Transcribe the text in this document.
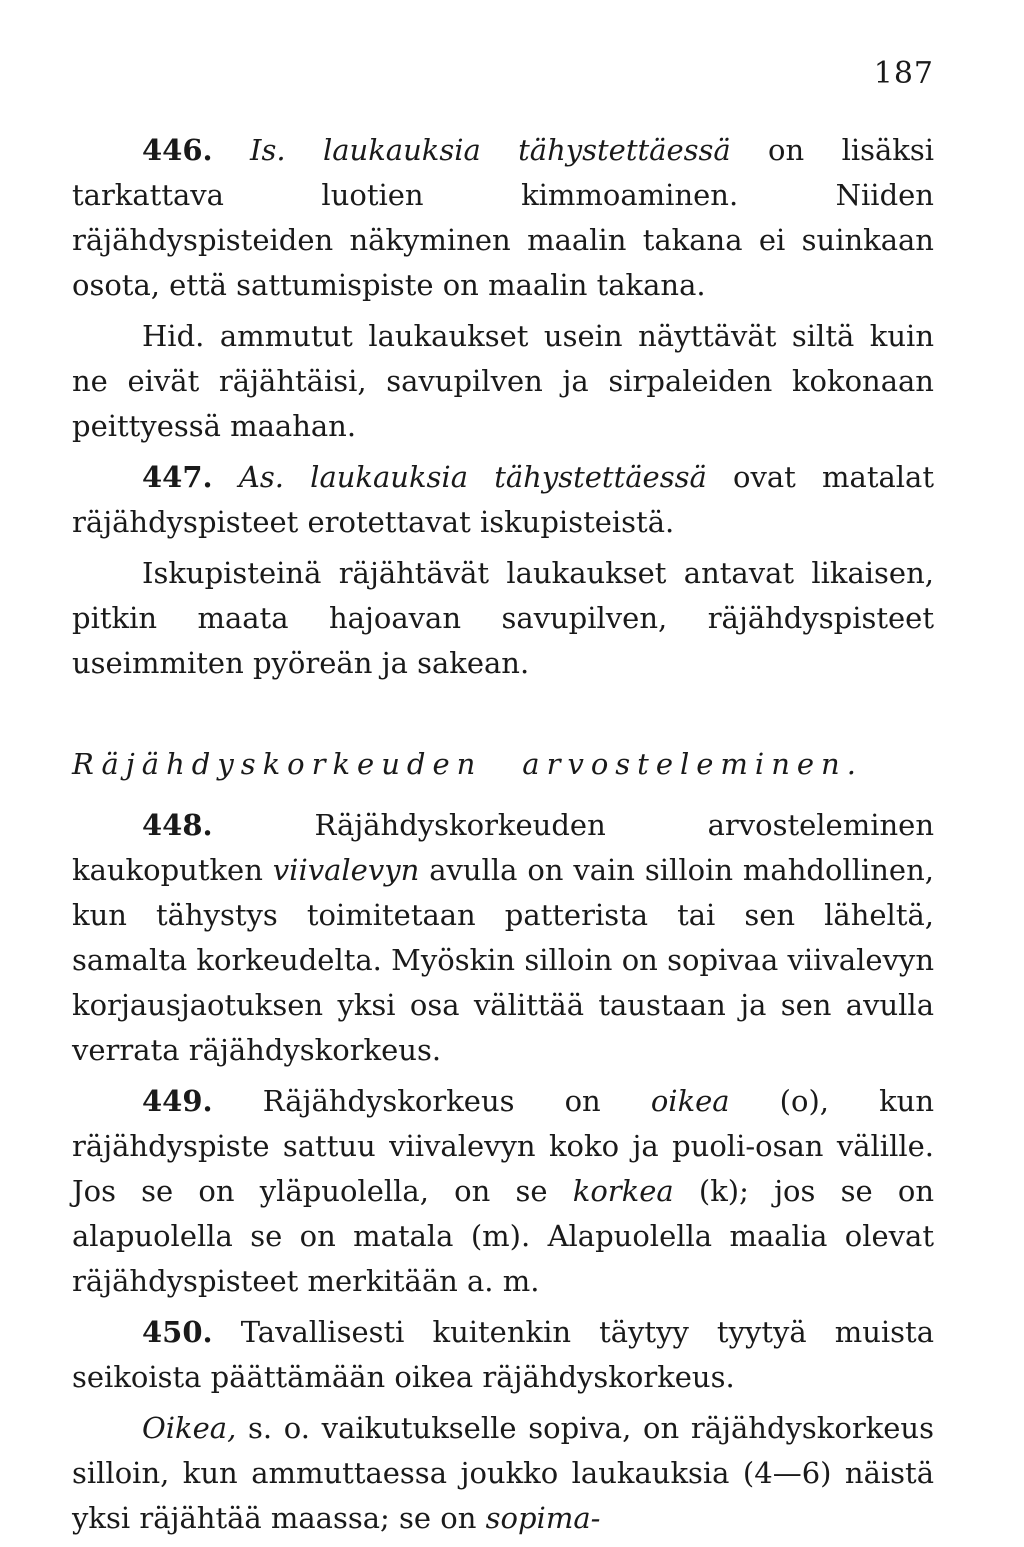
187

446. Is. laukauksia tähystettäessä on lisäksi tarkattava luotien kimmoaminen. Niiden räjähdyspisteiden näkyminen maalin takana ei suinkaan osota, että sattumispiste on maalin takana.

Hid. ammutut laukaukset usein näyttävät siltä kuin ne eivät räjähtäisi, savupilven ja sirpaleiden kokonaan peittyessä maahan.

447. As. laukauksia tähystettäessä ovat matalat räjähdyspisteet erotettavat iskupisteistä.

Iskupisteinä räjähtävät laukaukset antavat likaisen, pitkin maata hajoavan savupilven, räjähdyspisteet useimmiten pyöreän ja sakean.

Räjähdyskorkeuden arvosteleminen.

448. Räjähdyskorkeuden arvosteleminen kaukoputken viivalevyn avulla on vain silloin mahdollinen, kun tähystys toimitetaan patterista tai sen läheltä, samalta korkeudelta. Myöskin silloin on sopivaa viivalevyn korjausjaotuksen yksi osa välittää taustaan ja sen avulla verrata räjähdyskorkeus.

449. Räjähdyskorkeus on oikea (o), kun räjähdyspiste sattuu viivalevyn koko ja puoli-osan välille. Jos se on yläpuolella, on se korkea (k); jos se on alapuolella se on matala (m). Alapuolella maalia olevat räjähdyspisteet merkitään a. m.

450. Tavallisesti kuitenkin täytyy tyytyä muista seikoista päättämään oikea räjähdyskorkeus.

Oikea, s. o. vaikutukselle sopiva, on räjähdyskorkeus silloin, kun ammuttaessa joukko laukauksia (4—6) näistä yksi räjähtää maassa; se on sopima-
